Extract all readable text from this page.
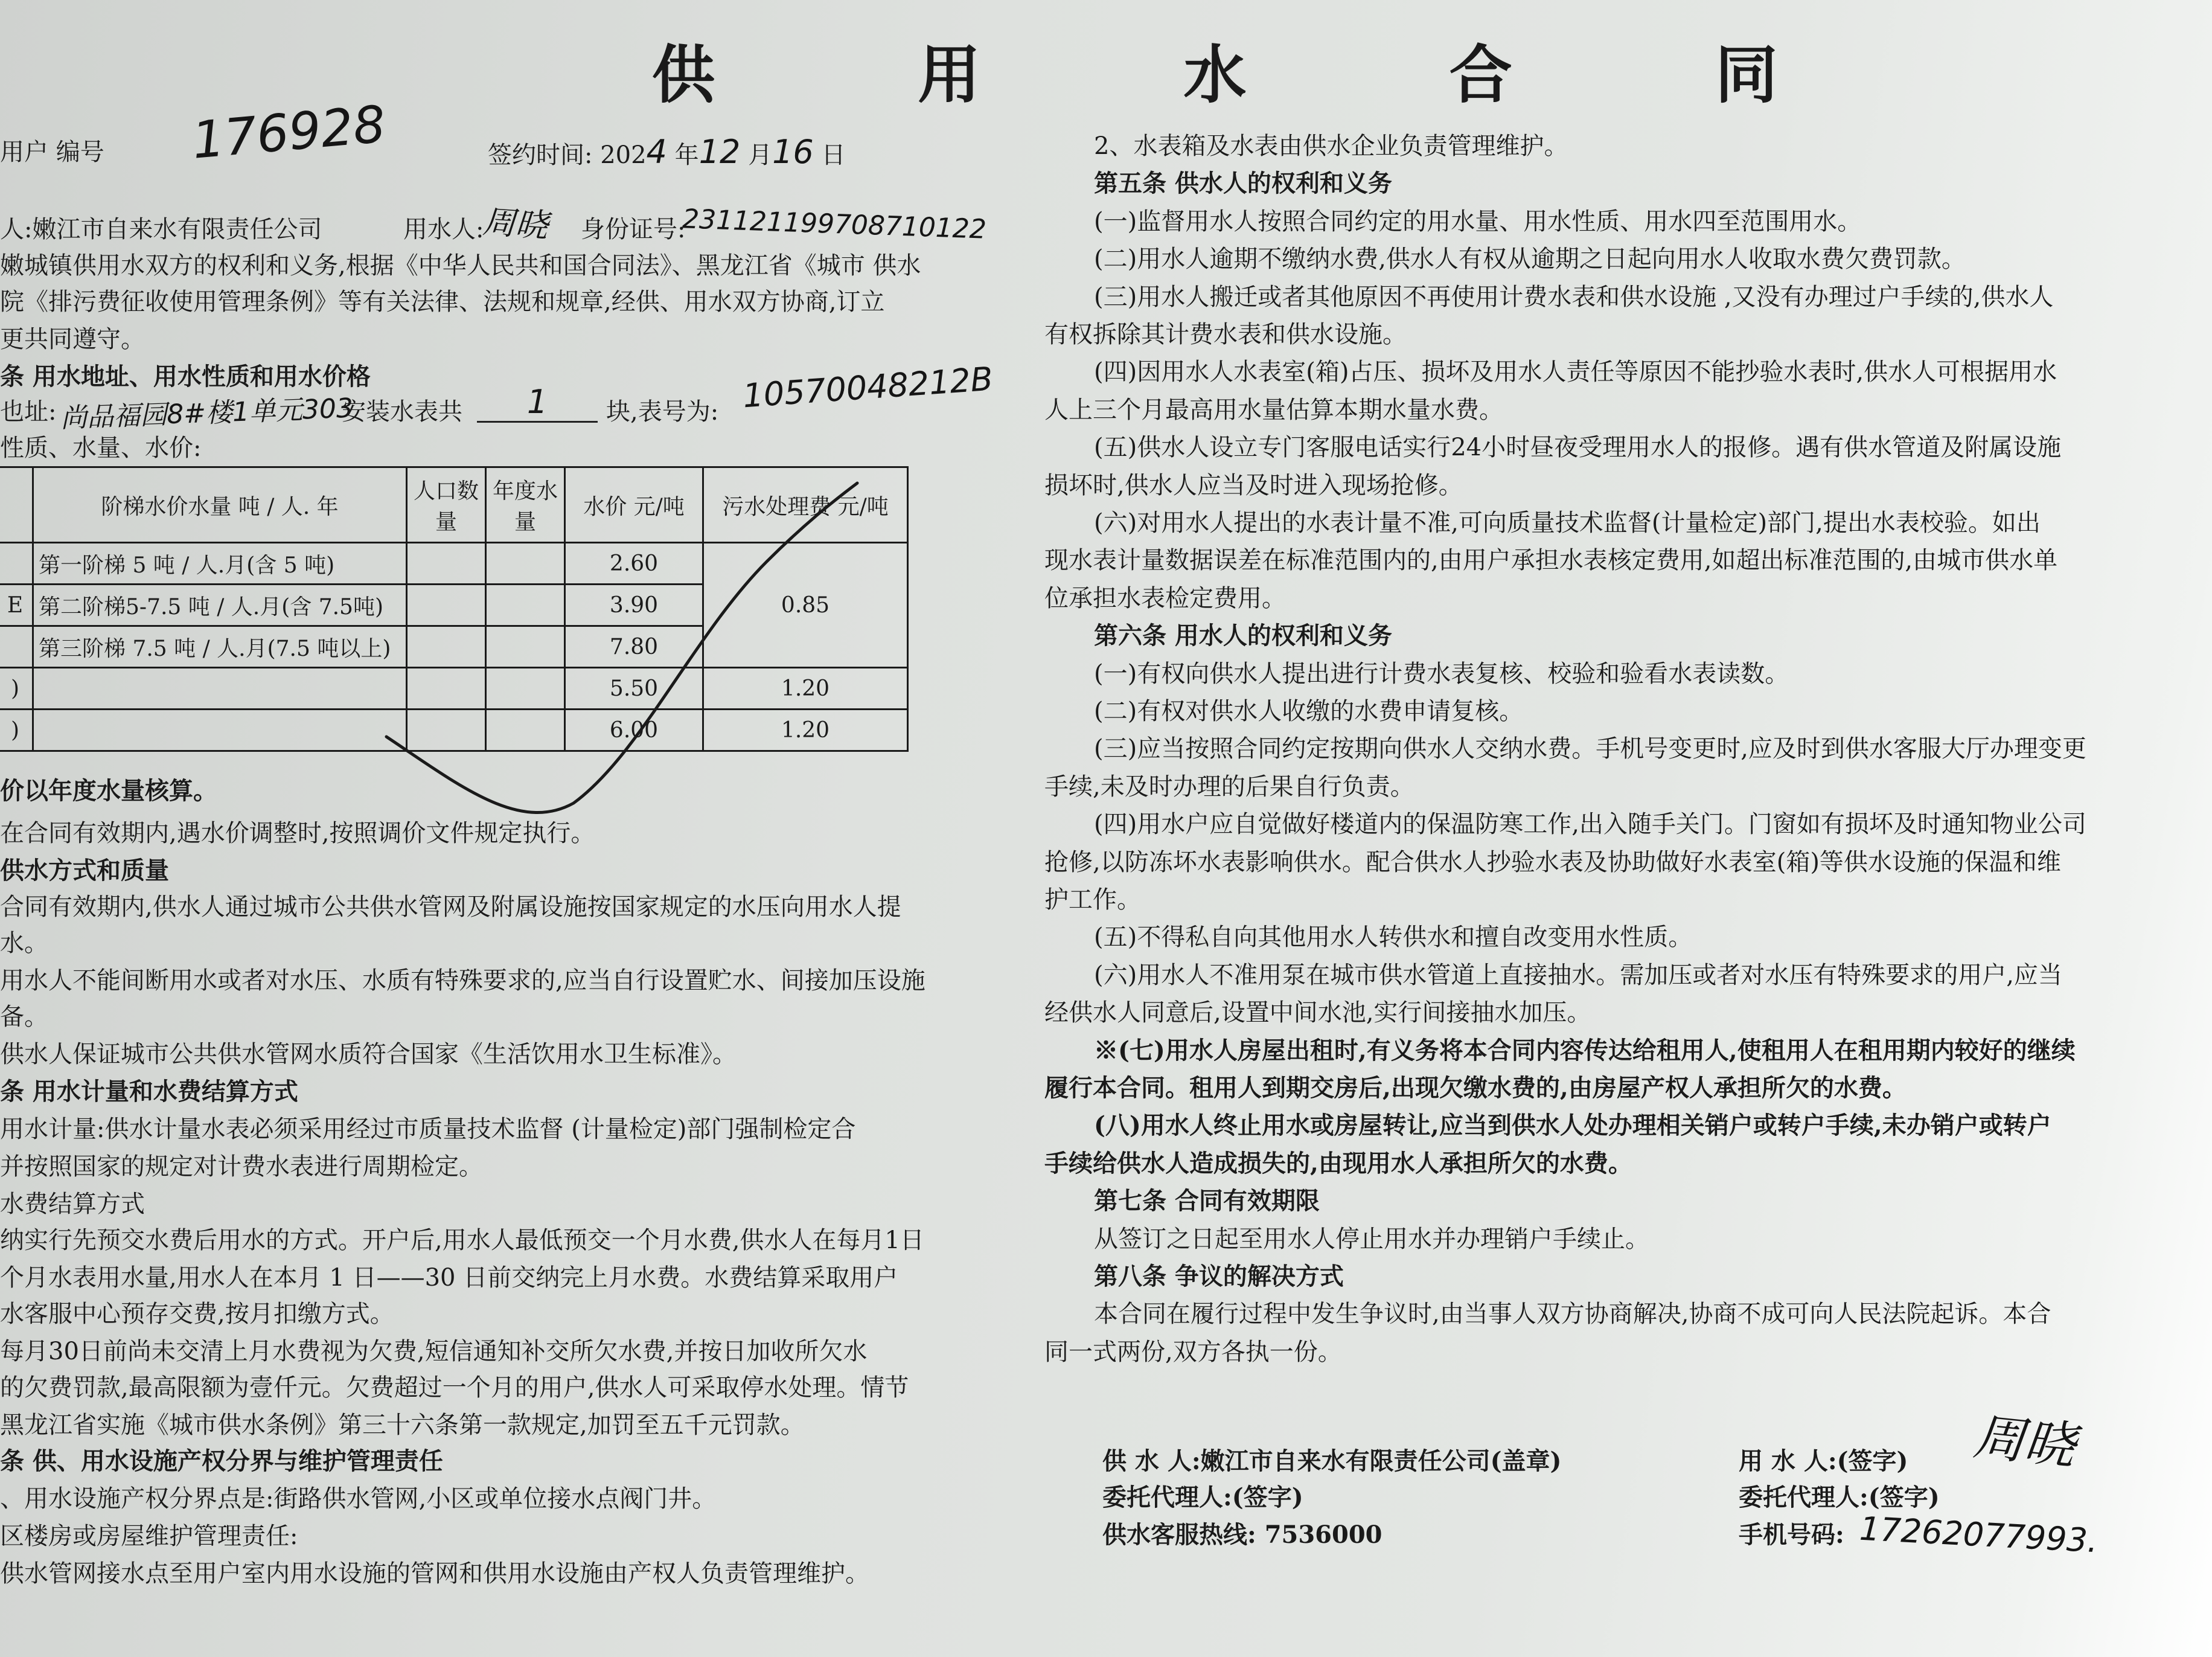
供 用 水 合 同
用户 编号 176928	签约时间: 2024 年12 月16 日
人:嫩江市自来水有限责任公司	用水人:
周晓 身份证号:
231121199708710122
嫩城镇供用水双方的权利和义务,根据《中华人民共和国合同法》、黑龙江省《城市 供水
院《排污费征收使用管理条例》等有关法律、法规和规章,经供、用水双方协商,订立
更共同遵守。
条 用水地址、用水性质和用水价格
也址: 尚品福园8#楼1单元303
安装水表共	1	块,表号为: 10570048212B
性质、水量、水价:
	阶梯水价水量 吨 / 人. 年	人口数量	年度水量	水价 元/吨	污水处理费 元/吨
	第一阶梯 5 吨 / 人.月(含 5 吨)			2.60	0.85
E	第二阶梯5-7.5 吨 / 人.月(含 7.5吨)			3.90	
	第三阶梯 7.5 吨 / 人.月(7.5 吨以上)			7.80	
)				5.50	1.20
)				6.00	1.20
价以年度水量核算。
在合同有效期内,遇水价调整时,按照调价文件规定执行。
供水方式和质量
合同有效期内,供水人通过城市公共供水管网及附属设施按国家规定的水压向用水人提
水。
用水人不能间断用水或者对水压、水质有特殊要求的,应当自行设置贮水、间接加压设施
备。
供水人保证城市公共供水管网水质符合国家《生活饮用水卫生标准》。
条 用水计量和水费结算方式
用水计量:供水计量水表必须采用经过市质量技术监督 (计量检定)部门强制检定合
并按照国家的规定对计费水表进行周期检定。
水费结算方式
纳实行先预交水费后用水的方式。开户后,用水人最低预交一个月水费,供水人在每月1日
个月水表用水量,用水人在本月 1 日——30 日前交纳完上月水费。水费结算采取用户
水客服中心预存交费,按月扣缴方式。
每月30日前尚未交清上月水费视为欠费,短信通知补交所欠水费,并按日加收所欠水
的欠费罚款,最高限额为壹仟元。欠费超过一个月的用户,供水人可采取停水处理。情节
黑龙江省实施《城市供水条例》第三十六条第一款规定,加罚至五千元罚款。
条 供、用水设施产权分界与维护管理责任
、用水设施产权分界点是:街路供水管网,小区或单位接水点阀门井。
区楼房或房屋维护管理责任:
供水管网接水点至用户室内用水设施的管网和供用水设施由产权人负责管理维护。
2、水表箱及水表由供水企业负责管理维护。
第五条 供水人的权利和义务
(一)监督用水人按照合同约定的用水量、用水性质、用水四至范围用水。
(二)用水人逾期不缴纳水费,供水人有权从逾期之日起向用水人收取水费欠费罚款。
(三)用水人搬迁或者其他原因不再使用计费水表和供水设施 ,又没有办理过户手续的,供水人
有权拆除其计费水表和供水设施。
(四)因用水人水表室(箱)占压、损坏及用水人责任等原因不能抄验水表时,供水人可根据用水
人上三个月最高用水量估算本期水量水费。
(五)供水人设立专门客服电话实行24小时昼夜受理用水人的报修。遇有供水管道及附属设施
损坏时,供水人应当及时进入现场抢修。
(六)对用水人提出的水表计量不准,可向质量技术监督(计量检定)部门,提出水表校验。如出
现水表计量数据误差在标准范围内的,由用户承担水表核定费用,如超出标准范围的,由城市供水单
位承担水表检定费用。
第六条 用水人的权利和义务
(一)有权向供水人提出进行计费水表复核、校验和验看水表读数。
(二)有权对供水人收缴的水费申请复核。
(三)应当按照合同约定按期向供水人交纳水费。手机号变更时,应及时到供水客服大厅办理变更
手续,未及时办理的后果自行负责。
(四)用水户应自觉做好楼道内的保温防寒工作,出入随手关门。门窗如有损坏及时通知物业公司
抢修,以防冻坏水表影响供水。配合供水人抄验水表及协助做好水表室(箱)等供水设施的保温和维
护工作。
(五)不得私自向其他用水人转供水和擅自改变用水性质。
(六)用水人不准用泵在城市供水管道上直接抽水。需加压或者对水压有特殊要求的用户,应当
经供水人同意后,设置中间水池,实行间接抽水加压。
※(七)用水人房屋出租时,有义务将本合同内容传达给租用人,使租用人在租用期内较好的继续
履行本合同。租用人到期交房后,出现欠缴水费的,由房屋产权人承担所欠的水费。
(八)用水人终止用水或房屋转让,应当到供水人处办理相关销户或转户手续,未办销户或转户
手续给供水人造成损失的,由现用水人承担所欠的水费。
第七条 合同有效期限
从签订之日起至用水人停止用水并办理销户手续止。
第八条 争议的解决方式
本合同在履行过程中发生争议时,由当事人双方协商解决,协商不成可向人民法院起诉。本合
同一式两份,双方各执一份。
供 水 人:嫩江市自来水有限责任公司(盖章)
委托代理人:(签字)
供水客服热线: 7536000
用 水 人:(签字) 周晓
委托代理人:(签字)
手机号码: 17262077993.
